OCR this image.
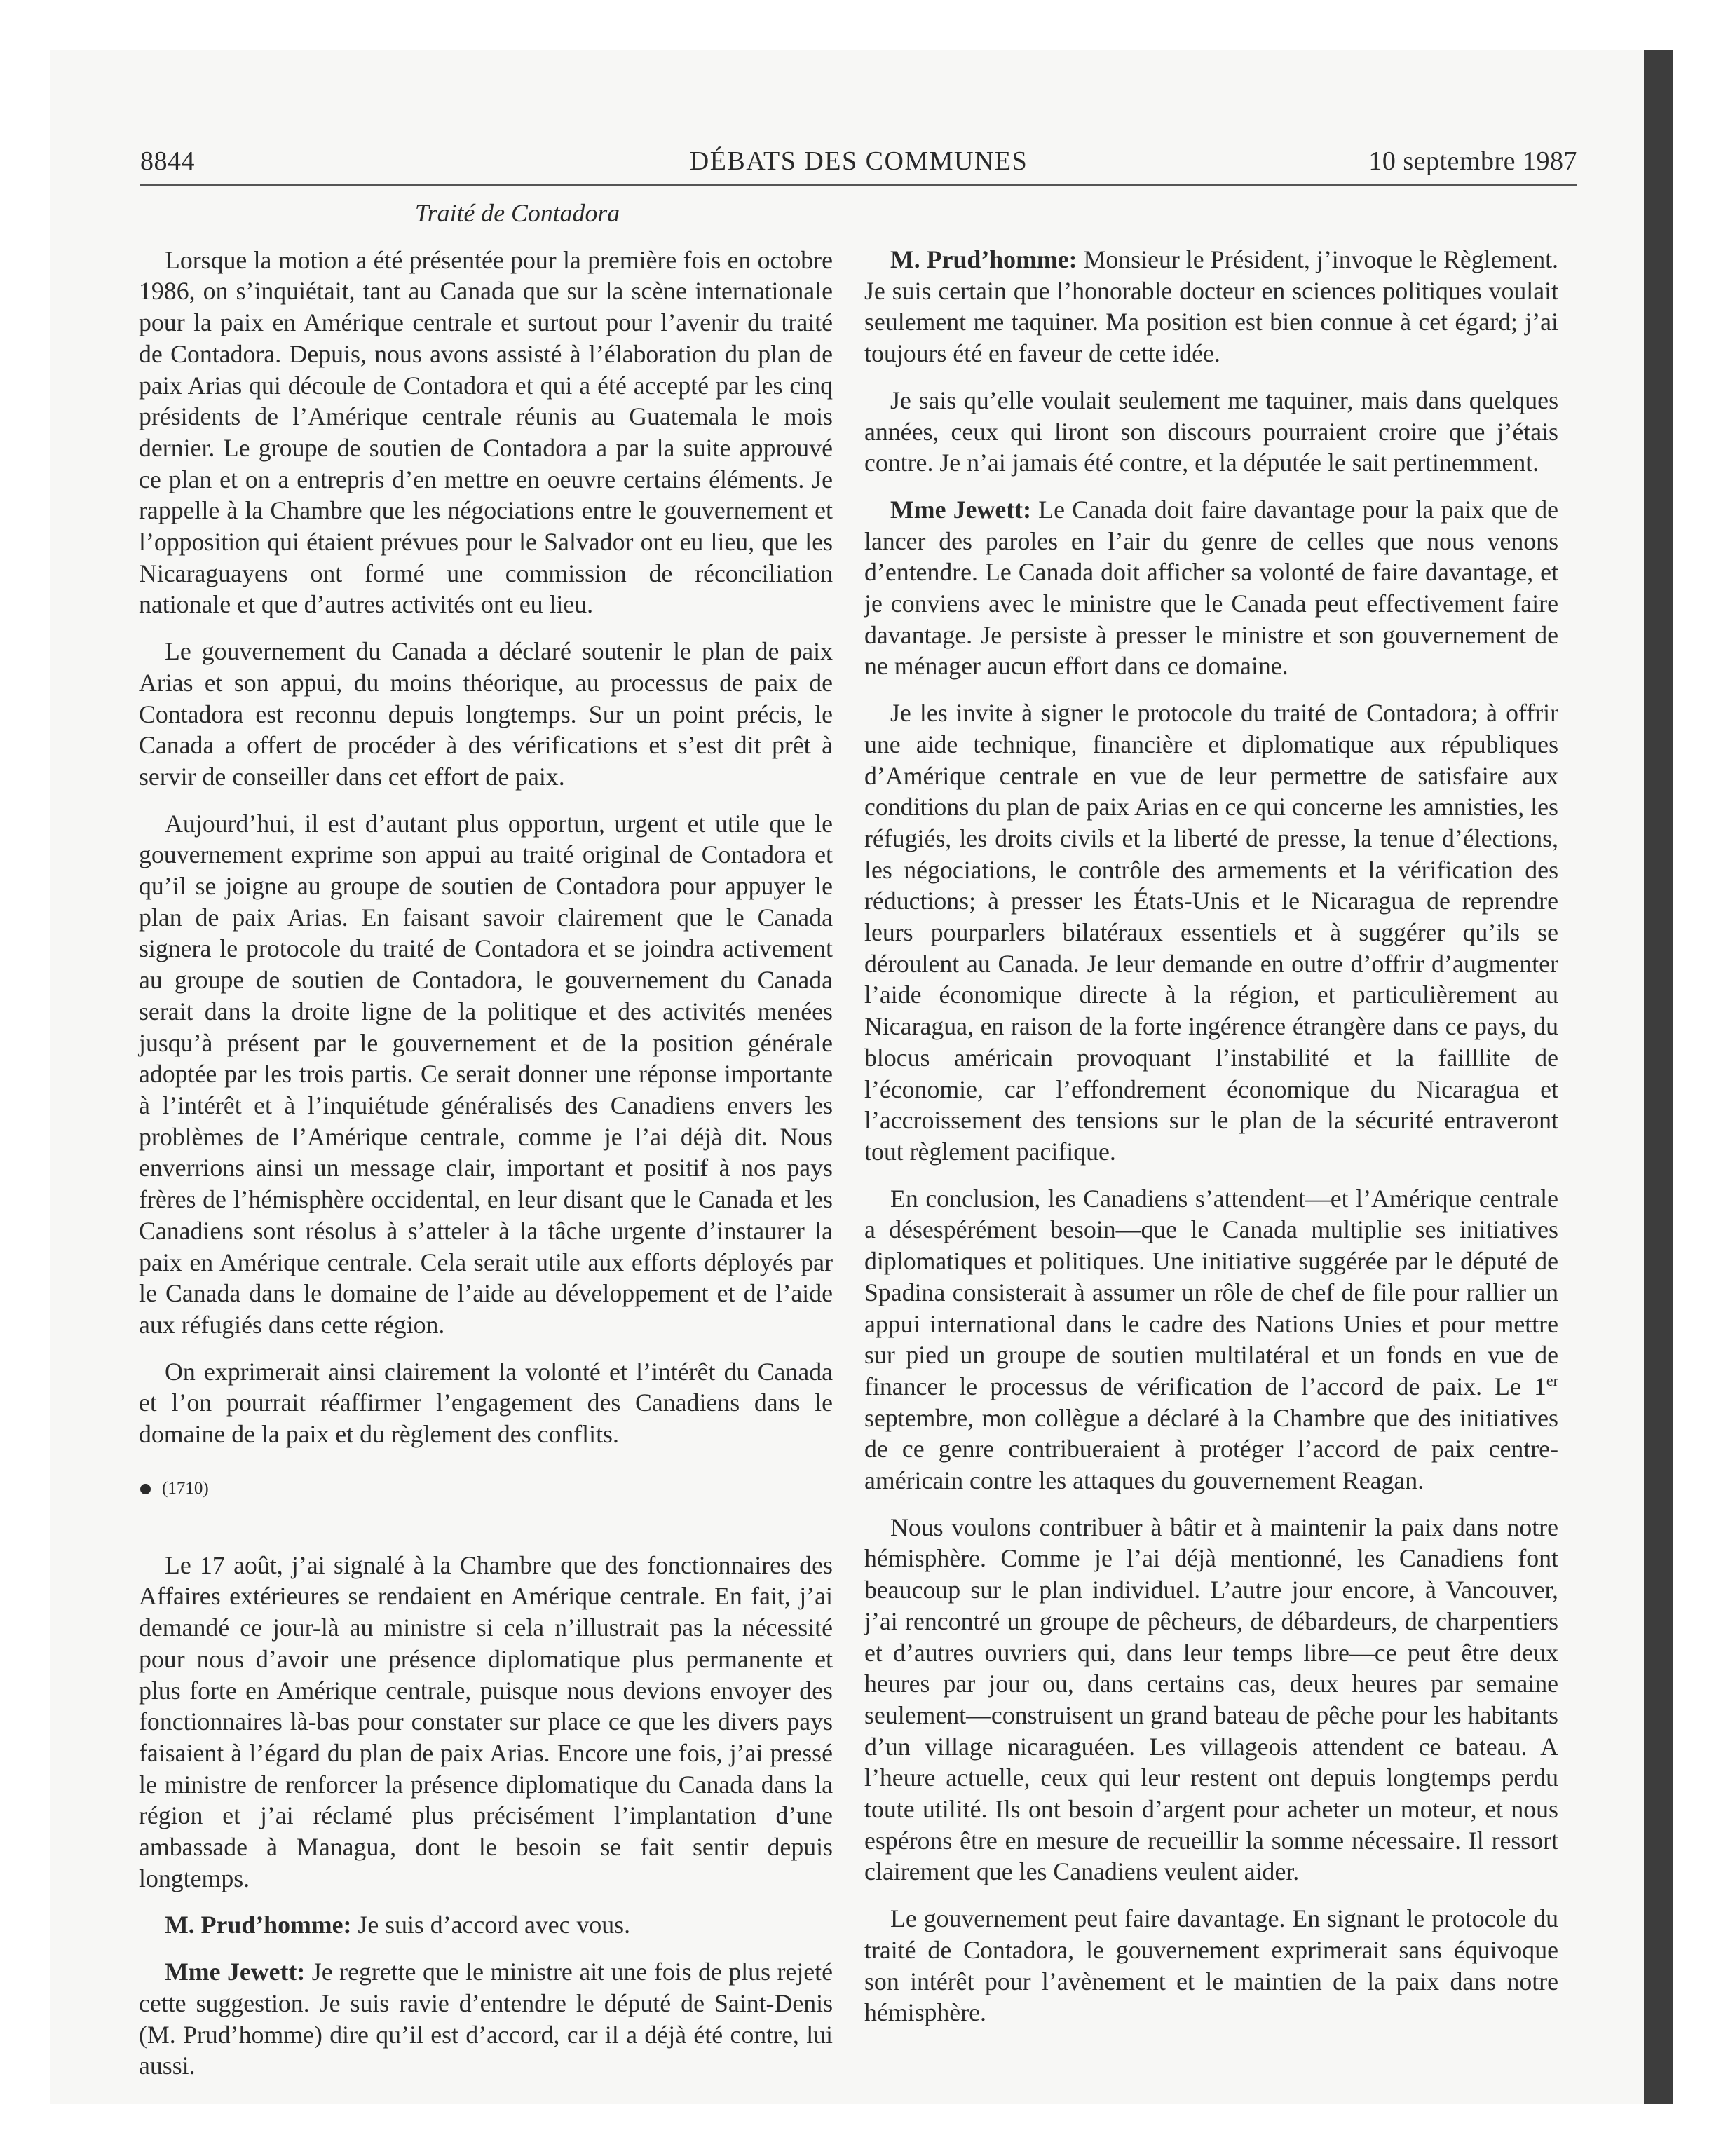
8844	DÉBATS DES COMMUNES	10 septembre 1987
Traité de Contadora

Lorsque la motion a été présentée pour la première fois en octobre 1986, on s’inquiétait, tant au Canada que sur la scène internationale pour la paix en Amérique centrale et surtout pour l’avenir du traité de Contadora. Depuis, nous avons assisté à l’élaboration du plan de paix Arias qui découle de Contadora et qui a été accepté par les cinq présidents de l’Amérique centrale réunis au Guatemala le mois dernier. Le groupe de soutien de Contadora a par la suite approuvé ce plan et on a entrepris d’en mettre en oeuvre certains éléments. Je rappelle à la Chambre que les négociations entre le gouvernement et l’opposition qui étaient prévues pour le Salvador ont eu lieu, que les Nicaraguayens ont formé une commission de réconciliation nationale et que d’autres activités ont eu lieu.

Le gouvernement du Canada a déclaré soutenir le plan de paix Arias et son appui, du moins théorique, au processus de paix de Contadora est reconnu depuis longtemps. Sur un point précis, le Canada a offert de procéder à des vérifications et s’est dit prêt à servir de conseiller dans cet effort de paix.

Aujourd’hui, il est d’autant plus opportun, urgent et utile que le gouvernement exprime son appui au traité original de Contadora et qu’il se joigne au groupe de soutien de Contadora pour appuyer le plan de paix Arias. En faisant savoir clairement que le Canada signera le protocole du traité de Contadora et se joindra activement au groupe de soutien de Contadora, le gouvernement du Canada serait dans la droite ligne de la politique et des activités menées jusqu’à présent par le gouvernement et de la position générale adoptée par les trois partis. Ce serait donner une réponse importante à l’intérêt et à l’inquiétude généralisés des Canadiens envers les problèmes de l’Amérique centrale, comme je l’ai déjà dit. Nous enverrions ainsi un message clair, important et positif à nos pays frères de l’hémisphère occidental, en leur disant que le Canada et les Canadiens sont résolus à s’atteler à la tâche urgente d’instaurer la paix en Amérique centrale. Cela serait utile aux efforts déployés par le Canada dans le domaine de l’aide au développement et de l’aide aux réfugiés dans cette région.

On exprimerait ainsi clairement la volonté et l’intérêt du Canada et l’on pourrait réaffirmer l’engagement des Canadiens dans le domaine de la paix et du règlement des conflits.

(1710)

Le 17 août, j’ai signalé à la Chambre que des fonctionnaires des Affaires extérieures se rendaient en Amérique centrale. En fait, j’ai demandé ce jour-là au ministre si cela n’illustrait pas la nécessité pour nous d’avoir une présence diplomatique plus permanente et plus forte en Amérique centrale, puisque nous devions envoyer des fonctionnaires là-bas pour constater sur place ce que les divers pays faisaient à l’égard du plan de paix Arias. Encore une fois, j’ai pressé le ministre de renforcer la présence diplomatique du Canada dans la région et j’ai réclamé plus précisément l’implantation d’une ambassade à Managua, dont le besoin se fait sentir depuis longtemps.

M. Prud’homme: Je suis d’accord avec vous.

Mme Jewett: Je regrette que le ministre ait une fois de plus rejeté cette suggestion. Je suis ravie d’entendre le député de Saint-Denis (M. Prud’homme) dire qu’il est d’accord, car il a déjà été contre, lui aussi.

M. Prud’homme: Monsieur le Président, j’invoque le Règlement. Je suis certain que l’honorable docteur en sciences politiques voulait seulement me taquiner. Ma position est bien connue à cet égard; j’ai toujours été en faveur de cette idée.

Je sais qu’elle voulait seulement me taquiner, mais dans quelques années, ceux qui liront son discours pourraient croire que j’étais contre. Je n’ai jamais été contre, et la députée le sait pertinemment.

Mme Jewett: Le Canada doit faire davantage pour la paix que de lancer des paroles en l’air du genre de celles que nous venons d’entendre. Le Canada doit afficher sa volonté de faire davantage, et je conviens avec le ministre que le Canada peut effectivement faire davantage. Je persiste à presser le ministre et son gouvernement de ne ménager aucun effort dans ce domaine.

Je les invite à signer le protocole du traité de Contadora; à offrir une aide technique, financière et diplomatique aux républiques d’Amérique centrale en vue de leur permettre de satisfaire aux conditions du plan de paix Arias en ce qui concerne les amnisties, les réfugiés, les droits civils et la liberté de presse, la tenue d’élections, les négociations, le contrôle des armements et la vérification des réductions; à presser les États-Unis et le Nicaragua de reprendre leurs pourparlers bilatéraux essentiels et à suggérer qu’ils se déroulent au Canada. Je leur demande en outre d’offrir d’augmenter l’aide économique directe à la région, et particulièrement au Nicaragua, en raison de la forte ingérence étrangère dans ce pays, du blocus américain provoquant l’instabilité et la failllite de l’économie, car l’effondrement économique du Nicaragua et l’accroissement des tensions sur le plan de la sécurité entraveront tout règlement pacifique.

En conclusion, les Canadiens s’attendent—et l’Amérique centrale a désespérément besoin—que le Canada multiplie ses initiatives diplomatiques et politiques. Une initiative suggérée par le député de Spadina consisterait à assumer un rôle de chef de file pour rallier un appui international dans le cadre des Nations Unies et pour mettre sur pied un groupe de soutien multilatéral et un fonds en vue de financer le processus de vérification de l’accord de paix. Le 1er septembre, mon collègue a déclaré à la Chambre que des initiatives de ce genre contribueraient à protéger l’accord de paix centre-américain contre les attaques du gouvernement Reagan.

Nous voulons contribuer à bâtir et à maintenir la paix dans notre hémisphère. Comme je l’ai déjà mentionné, les Canadiens font beaucoup sur le plan individuel. L’autre jour encore, à Vancouver, j’ai rencontré un groupe de pêcheurs, de débardeurs, de charpentiers et d’autres ouvriers qui, dans leur temps libre—ce peut être deux heures par jour ou, dans certains cas, deux heures par semaine seulement—construisent un grand bateau de pêche pour les habitants d’un village nicaraguéen. Les villageois attendent ce bateau. A l’heure actuelle, ceux qui leur restent ont depuis longtemps perdu toute utilité. Ils ont besoin d’argent pour acheter un moteur, et nous espérons être en mesure de recueillir la somme nécessaire. Il ressort clairement que les Canadiens veulent aider.

Le gouvernement peut faire davantage. En signant le protocole du traité de Contadora, le gouvernement exprimerait sans équivoque son intérêt pour l’avènement et le maintien de la paix dans notre hémisphère.
